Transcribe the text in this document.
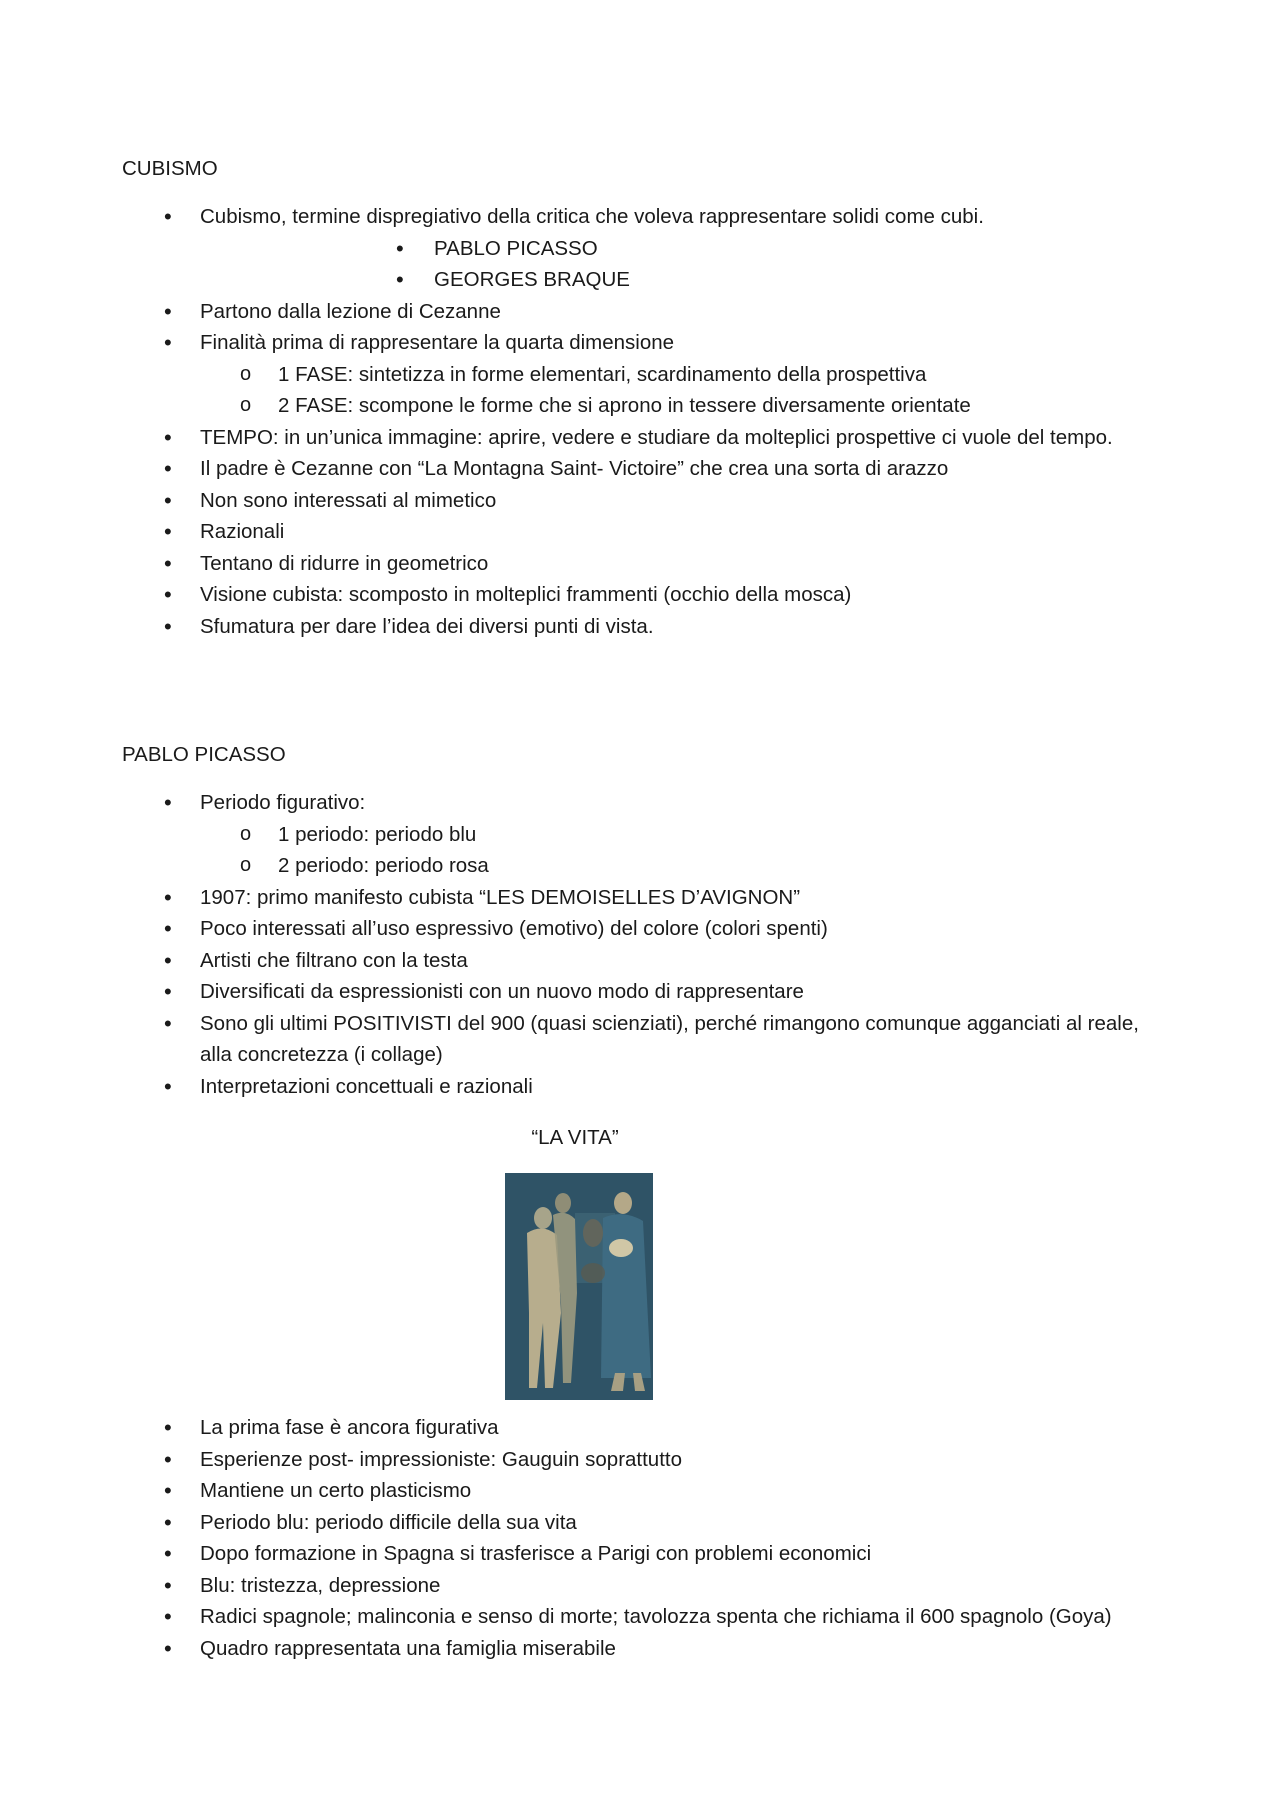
CUBISMO
• Cubismo, termine dispregiativo della critica che voleva rappresentare solidi come cubi.
• PABLO PICASSO
• GEORGES BRAQUE
• Partono dalla lezione di Cezanne
• Finalità prima di rappresentare la quarta dimensione
o 1 FASE: sintetizza in forme elementari, scardinamento della prospettiva
o 2 FASE: scompone le forme che si aprono in tessere diversamente orientate
• TEMPO: in un’unica immagine: aprire, vedere e studiare da molteplici prospettive ci vuole del tempo.
• Il padre è Cezanne con “La Montagna Saint- Victoire” che crea una sorta di arazzo
• Non sono interessati al mimetico
• Razionali
• Tentano di ridurre in geometrico
• Visione cubista: scomposto in molteplici frammenti (occhio della mosca)
• Sfumatura per dare l’idea dei diversi punti di vista.
PABLO PICASSO
• Periodo figurativo:
o 1 periodo: periodo blu
o 2 periodo: periodo rosa
• 1907: primo manifesto cubista “LES DEMOISELLES D’AVIGNON”
• Poco interessati all’uso espressivo (emotivo) del colore (colori spenti)
• Artisti che filtrano con la testa
• Diversificati da espressionisti con un nuovo modo di rappresentare
• Sono gli ultimi POSITIVISTI del 900 (quasi scienziati), perché rimangono comunque agganciati al reale, alla concretezza (i collage)
• Interpretazioni concettuali e razionali

“LA VITA”

• La prima fase è ancora figurativa
• Esperienze post- impressioniste: Gauguin soprattutto
• Mantiene un certo plasticismo
• Periodo blu: periodo difficile della sua vita
• Dopo formazione in Spagna si trasferisce a Parigi con problemi economici
• Blu: tristezza, depressione
• Radici spagnole; malinconia e senso di morte; tavolozza spenta che richiama il 600 spagnolo (Goya)
• Quadro rappresentata una famiglia miserabile
